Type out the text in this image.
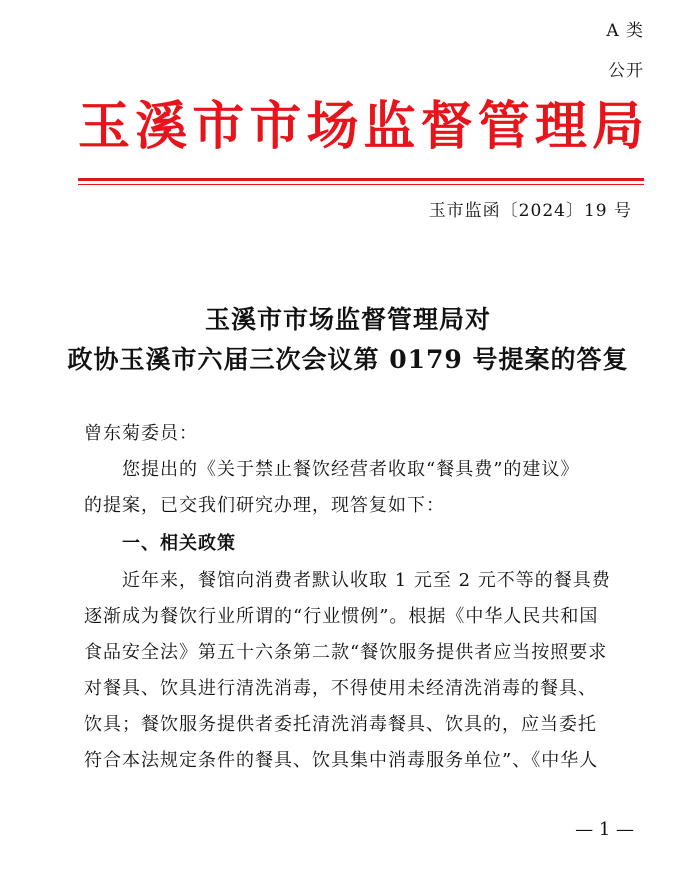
A 类
公开
玉 溪 市 市 场 监 督 管 理 局
玉市监函〔2024〕19 号
玉溪市市场监督管理局对
政协玉溪市六届三次会议第 0179 号提案的答复
曾东菊委员：
　　您提出的《关于禁止餐饮经营者收取“餐具费”的建议》
的提案，已交我们研究办理，现答复如下：
　　一、相关政策
　　近年来，餐馆向消费者默认收取 1 元至 2 元不等的餐具费
逐渐成为餐饮行业所谓的“行业惯例”。根据《中华人民共和国
食品安全法》第五十六条第二款“餐饮服务提供者应当按照要求
对餐具、饮具进行清洗消毒，不得使用未经清洗消毒的餐具、
饮具；餐饮服务提供者委托清洗消毒餐具、饮具的，应当委托
符合本法规定条件的餐具、饮具集中消毒服务单位”、《中华人
— 1 —
